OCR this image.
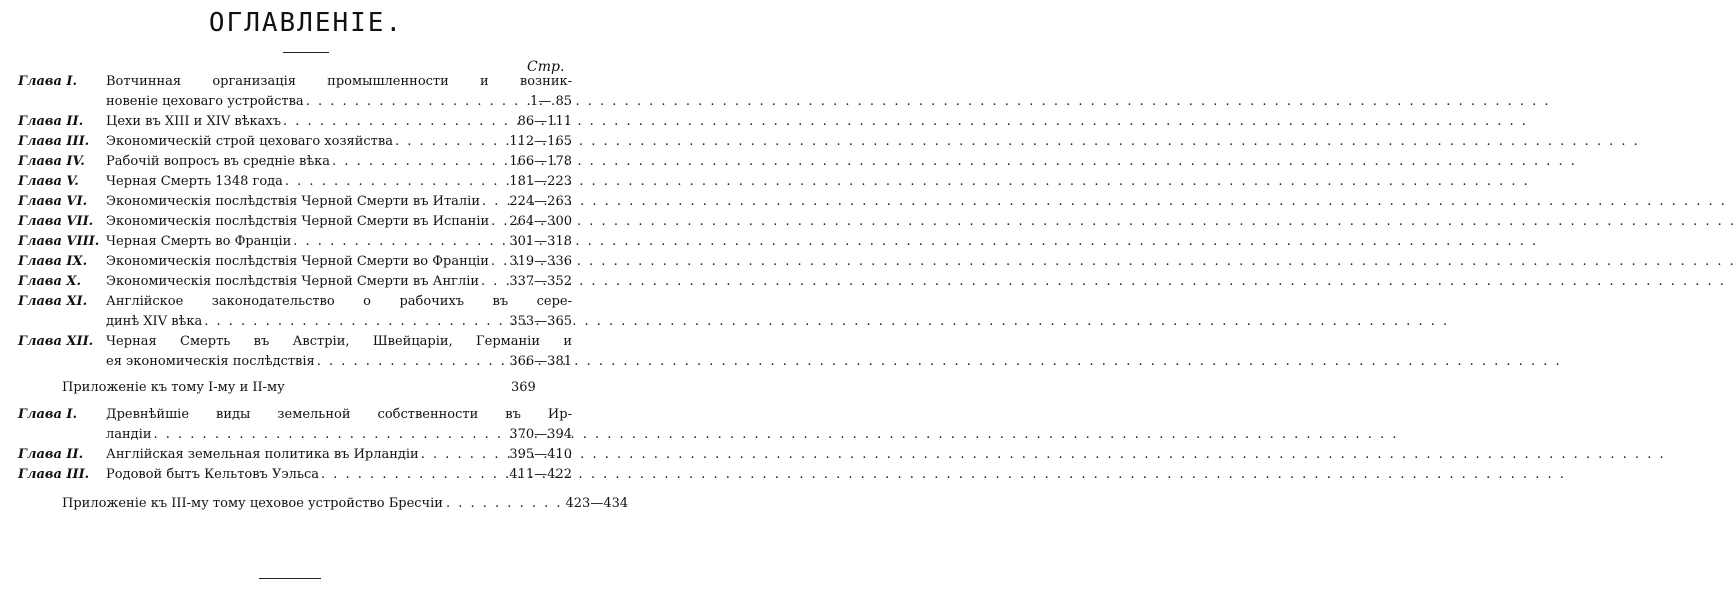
ОГЛАВЛЕНІЕ.
Стр.
Глава I.	Вотчинная организація промышленности и возник-
новеніе цеховаго устройства . . .	1— 85
Глава II.	Цехи въ XIII и XIV вѣкахъ . . .	86—111
Глава III.	Экономическій строй цеховаго хозяйства . . .	112—165
Глава IV.	Рабочій вопросъ въ средніе вѣка . . .	166—178
Глава V.	Черная Смерть 1348 года . . .	181—223
Глава VI.	Экономическія послѣдствія Черной Смерти въ Италіи . . . 224—263
Глава VII. Экономическія послѣдствія Черной Смерти въ Испаніи . . . 264—300
Глава VIII. Черная Смерть во Франціи . . .	301—318
Глава IX.	Экономическія послѣдствія Черной Смерти во Франціи . . . 319—336
Глава X.	Экономическія послѣдствія Черной Смерти въ Англіи . . . 337—352
Глава XI.	Англійское законодательство о рабочихъ въ сере-
динѣ XIV вѣка . . .	353—365
Глава XII. Черная Смерть въ Австріи, Швейцаріи, Германіи и
ея экономическія послѣдствія . . .	366—381
Приложеніе къ тому I-му и II-му	369
Глава I.	Древнѣйшіе виды земельной собственности въ Ир-
ландіи . . .	370—394
Глава II.	Англійская земельная политика въ Ирландіи . . .	395—410
Глава III.	Родовой бытъ Кельтовъ Уэльса . . .	411—422
Приложеніе къ III-му тому цеховое устройство Бресчіи . . . . . . . . . . 423—434
